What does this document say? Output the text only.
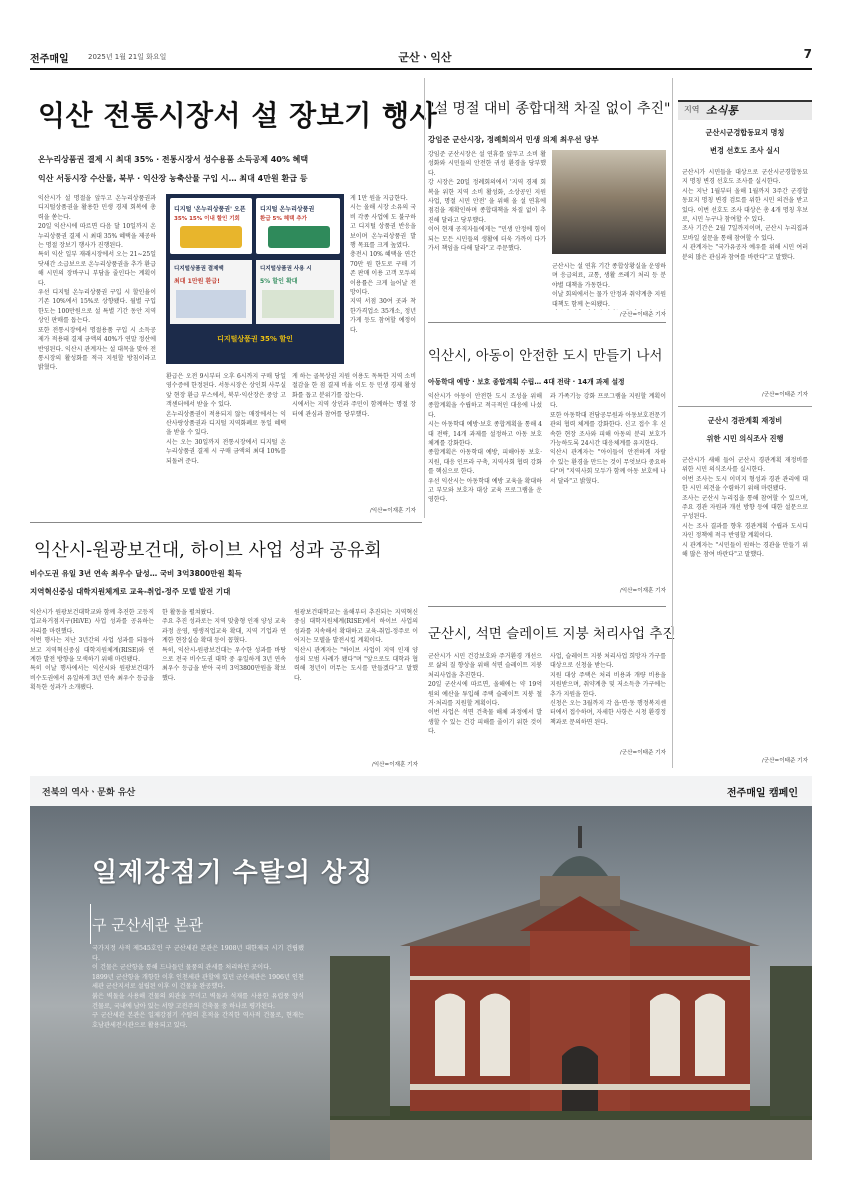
전주매일	2025년 1월 21일 화요일	군산ㆍ익산	7
익산 전통시장서 설 장보기 행사
온누리상품권 결제 시 최대 35% · 전통시장서 성수용품 소득공제 40% 혜택
익산 서동시장 수산물, 북부 · 익산장 농축산물 구입 시… 최대 4만원 환급 등
익산시가 설 명절을 앞두고 온누리상품권과 디지털상품권을 활용한 민생 경제 회복에 총력을 쏟는다.
20일 익산시에 따르면 다음 달 10일까지 온누리상품권 결제 시 최대 35% 혜택을 제공하는 명절 장보기 행사가 진행된다.
특히 익산 일부 재래시장에서 오는 21~25일 닷새간 소급보으로 온누리상품권을 추가 환급해 시민의 장바구니 부담을 줄인다는 계획이다.
우선 디지털 온누리상품권 구입 시 할인율이 기존 10%에서 15%로 상향됐다. 월별 구입한도는 100만원으로 설 특별 기간 동안 지역 상인 판매를 돕는다.
또한 전통시장에서 명절용품 구입 시 소득공제가 적용돼 결제 금액의 40%가 연말 정산에 반영된다. 익산시 관계자는 설 대목을 맞아 전통시장의 활성화를 적극 지원할 방침이라고 밝혔다.
디지털 '온누리상품권' 오픈
35% 15% 이내 할인 기회
디지털 온누리상품권
환급 5% 혜택 추가
디지털상품권 결제액
최대 1만원 환급!
디지털상품권 사용 시
5% 할인 확대
디지털상품권 35% 할인
게 1만 원을 지급한다.
시는 올해 시장 소유의 국비 각종 사업에 도 불구하고 디지털 상품권 반응을 보이며 온누리상품권 발행 목표를 크게 높였다.
충전시 10% 혜택을 연간 70만 원 한도로 구매 기존 판매 이용 고객 모두의 이용률은 크게 늘어날 전망이다.
지역 서점 30여 곳과 착한가격업소 35개소, 정년 가게 등도 참여할 예정이다.
환급은 오전 9시부터 오후 6시까지 구매 당일 영수증에 한정된다. 서동시장은 상인회 사무실 앞 현장 환급 부스에서, 북부·익산장은 중앙 고객센터에서 받을 수 있다.
온누리상품권이 적용되지 않는 매장에서는 익산사랑상품권과 디지털 지역화폐로 동일 혜택을 받을 수 있다.
시는 오는 30일까지 전통시장에서 디지털 온누리상품권 결제 시 구매 금액의 최대 10%를 되돌려 준다.
게 하는 골목상권 지원 이용도 독특한 지역 소비 절감을 한 점 결제 비율 이도 등 민생 경제 활성화를 돕고 분위기를 잡는다.
시에서는 지역 상인과 주민이 함께하는 명절 장터에 관심과 참여를 당부했다.
/익산=이재훈 기자
"설 명절 대비 종합대책 차질 없이 추진"
강임준 군산시장, 정례회의서 민생 의제 최우선 당부
강임준 군산시장은 설 연휴를 앞두고 소비 활성화와 시민들의 안전한 귀성 환경을 당부했다.
강 시장은 20일 정례회의에서 '지역 경제 회복을 위한 지역 소비 활성화, 소상공인 지원 사업, 명절 시민 안전' 을 위해 올 설 연휴에 점검을 재확인하며 종합대책을 차질 없이 추진해 달라고 당부했다.
이어 현재 공직자들에게는 "민생 안정에 힘이 되는 모든 시민들의 생활에 더욱 가까이 다가가서 책임을 다해 달라"고 주문했다.
군산시는 설 연휴 기간 종합상황실을 운영하며 응급의료, 교통, 생활 쓰레기 처리 등 분야별 대책을 가동한다.
이날 회의에서는 물가 안정과 취약계층 지원 대책도 함께 논의됐다.

/군산=이태준 기자
익산시, 아동이 안전한 도시 만들기 나서
아동학대 예방 · 보호 종합계획 수립… 4대 전략 · 14개 과제 설정
익산시가 아동이 안전한 도시 조성을 위해 종합계획을 수립하고 적극적인 대응에 나섰다.
시는 아동학대 예방·보호 종합계획을 통해 4대 전략, 14개 과제를 설정하고 아동 보호 체계를 강화한다.
종합계획은 아동학대 예방, 피해아동 보호·지원, 대응 인프라 구축, 지역사회 협력 강화를 핵심으로 한다.
우선 익산시는 아동학대 예방 교육을 확대하고 부모와 보호자 대상 교육 프로그램을 운영한다.
과 가족기능 강화 프로그램을 지원할 계획이다.
또한 아동학대 전담공무원과 아동보호전문기관의 협력 체계를 강화한다. 신고 접수 후 신속한 현장 조사와 피해 아동의 분리 보호가 가능하도록 24시간 대응체계를 유지한다.
익산시 관계자는 "아이들이 안전하게 자랄 수 있는 환경을 만드는 것이 무엇보다 중요하다"며 "지역사회 모두가 함께 아동 보호에 나서 달라"고 밝혔다.
/익산=이재훈 기자
군산시, 석면 슬레이트 지붕 처리사업 추진
군산시가 시민 건강보호와 주거환경 개선으로 삶의 질 향상을 위해 석면 슬레이트 지붕 처리사업을 추진한다.
20일 군산시에 따르면, 올해에는 약 19억 원의 예산을 투입해 주택 슬레이트 지붕 철거·처리를 지원할 계획이다.
이번 사업은 석면 건축물 해체 과정에서 발생할 수 있는 건강 피해를 줄이기 위한 것이다.
사업, 슬레이트 지붕 처리사업 희망자 가구를 대상으로 신청을 받는다.
지원 대상 주택은 처리 비용과 개량 비용을 지원받으며, 취약계층 및 저소득층 가구에는 추가 지원을 한다.
신청은 오는 3월까지 각 읍·면·동 행정복지센터에서 접수하며, 자세한 사항은 시청 환경정책과로 문의하면 된다.
/군산=이태준 기자
지역 소식통
군산시군경합동묘지 명칭
변경 선호도 조사 실시
군산시가 시민들을 대상으로 군산시군경합동묘지 명칭 변경 선호도 조사를 실시한다.
시는 지난 1월부터 올해 1월까지 3주간 군경합동묘지 명칭 변경 검토를 위한 시민 의견을 받고 있다. 이번 선호도 조사 대상은 총 4개 명칭 후보로, 시민 누구나 참여할 수 있다.
조사 기간은 2월 7일까지이며, 군산시 누리집과 모바일 설문을 통해 참여할 수 있다.
시 관계자는 "국가유공자 예우를 위해 시민 여러분의 많은 관심과 참여를 바란다"고 말했다.
/군산=이태준 기자
군산시 경관계획 재정비
위한 시민 의식조사 진행
군산시가 새해 들어 군산시 경관계획 재정비를 위한 시민 의식조사를 실시한다.
이번 조사는 도시 이미지 형성과 경관 관리에 대한 시민 의견을 수렴하기 위해 마련됐다.
조사는 군산시 누리집을 통해 참여할 수 있으며, 주요 경관 자원과 개선 방향 등에 대한 설문으로 구성된다.
시는 조사 결과를 향후 경관계획 수립과 도시디자인 정책에 적극 반영할 계획이다.
시 관계자는 "시민들이 원하는 경관을 만들기 위해 많은 참여 바란다"고 말했다.
/군산=이태준 기자
익산시-원광보건대, 하이브 사업 성과 공유회
비수도권 유일 3년 연속 최우수 달성… 국비 3억3800만원 획득
지역혁신중심 대학지원체계로 교육-취업-정주 모델 발전 기대
익산시가 원광보건대학교와 함께 추진한 고등직업교육거점지구(HiVE) 사업 성과를 공유하는 자리를 마련했다.
이번 행사는 지난 3년간의 사업 성과를 되돌아보고 지역혁신중심 대학지원체계(RISE)와 연계한 발전 방향을 모색하기 위해 마련됐다.
특히 이날 행사에서는 익산시와 원광보건대가 비수도권에서 유일하게 3년 연속 최우수 등급을 획득한 성과가 소개됐다.
한 활동을 펼쳐왔다.
주요 추진 성과로는 지역 맞춤형 인재 양성 교육과정 운영, 평생직업교육 확대, 지역 기업과 연계한 현장실습 확대 등이 꼽혔다.
특히, 익산시-원광보건대는 우수한 성과를 바탕으로 전국 비수도권 대학 중 유일하게 3년 연속 최우수 등급을 받아 국비 3억3800만원을 확보했다.
원광보건대학교는 올해부터 추진되는 지역혁신중심 대학지원체계(RISE)에서 하이브 사업의 성과를 지속해서 확대하고 교육-취업-정주로 이어지는 모델을 발전시킬 계획이다.
익산시 관계자는 "하이브 사업이 지역 인재 양성의 모범 사례가 됐다"며 "앞으로도 대학과 협력해 청년이 머무는 도시를 만들겠다"고 말했다.
/익산=이재훈 기자
전북의 역사ㆍ문화 유산	전주매일 캠페인
일제강점기 수탈의 상징
구 군산세관 본관
국가지정 사적 제545호인 구 군산세관 본관은 1908년 대한제국 시기 건립됐다.
이 건물은 군산항을 통해 드나들던 물품의 관세를 처리하던 곳이다.
1899년 군산항을 개항한 이후 인천세관 관할에 있던 군산세관은 1906년 인천세관 군산지서로 설립된 이후 이 건물을 완공했다.
붉은 벽돌을 사용해 건물의 외관을 꾸미고 벽돌과 석재를 사용한 유럽풍 양식 건물로, 국내에 남아 있는 서양 고전주의 건축물 중 하나로 평가된다.
구 군산세관 본관은 일제강점기 수탈의 흔적을 간직한 역사적 건물로, 현재는 호남관세전시관으로 활용되고 있다.
